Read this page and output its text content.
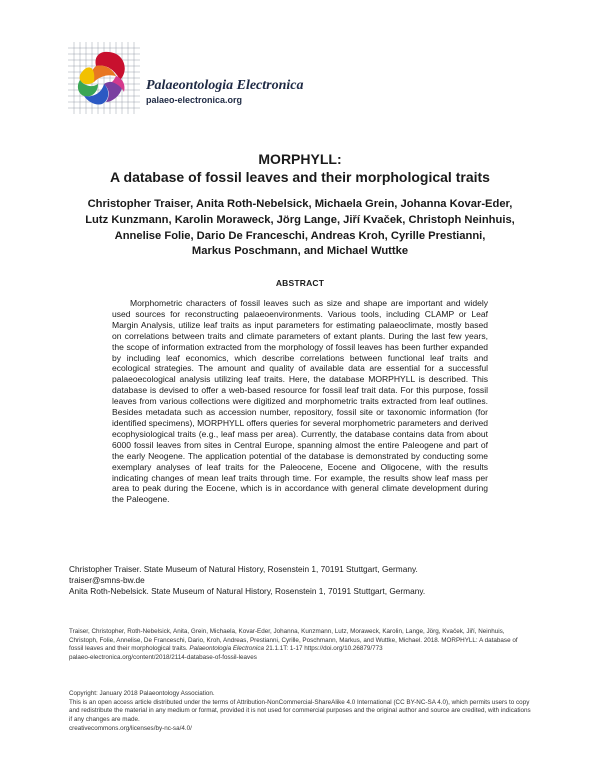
Palaeontologia Electronica
palaeo-electronica.org
MORPHYLL:
A database of fossil leaves and their morphological traits
Christopher Traiser, Anita Roth-Nebelsick, Michaela Grein, Johanna Kovar-Eder,
Lutz Kunzmann, Karolin Moraweck, Jörg Lange, Jiří Kvaček, Christoph Neinhuis,
Annelise Folie, Dario De Franceschi, Andreas Kroh, Cyrille Prestianni,
Markus Poschmann, and Michael Wuttke
ABSTRACT
Morphometric characters of fossil leaves such as size and shape are important and widely used sources for reconstructing palaeoenvironments. Various tools, including CLAMP or Leaf Margin Analysis, utilize leaf traits as input parameters for estimating palaeoclimate, mostly based on correlations between traits and climate parameters of extant plants. During the last few years, the scope of information extracted from the morphology of fossil leaves has been further expanded by including leaf economics, which describe correlations between functional leaf traits and ecological strategies. The amount and quality of available data are essential for a successful palaeoecological analysis utilizing leaf traits. Here, the database MORPHYLL is described. This database is devised to offer a web-based resource for fossil leaf trait data. For this purpose, fossil leaves from various collections were digitized and morphometric traits extracted from leaf outlines. Besides metadata such as accession number, repository, fossil site or taxonomic information (for identified specimens), MORPHYLL offers queries for several morphometric parameters and derived ecophysiological traits (e.g., leaf mass per area). Currently, the database contains data from about 6000 fossil leaves from sites in Central Europe, spanning almost the entire Paleogene and part of the early Neogene. The application potential of the database is demonstrated by conducting some exemplary analyses of leaf traits for the Paleocene, Eocene and Oligocene, with the results indicating changes of mean leaf traits through time. For example, the results show leaf mass per area to peak during the Eocene, which is in accordance with general climate development during the Paleogene.
Christopher Traiser. State Museum of Natural History, Rosenstein 1, 70191 Stuttgart, Germany.
traiser@smns-bw.de
Anita Roth-Nebelsick. State Museum of Natural History, Rosenstein 1, 70191 Stuttgart, Germany.
Traiser, Christopher, Roth-Nebelsick, Anita, Grein, Michaela, Kovar-Eder, Johanna, Kunzmann, Lutz, Moraweck, Karolin, Lange, Jörg, Kvaček, Jiří, Neinhuis, Christoph, Folie, Annelise, De Franceschi, Dario, Kroh, Andreas, Prestianni, Cyrille, Poschmann, Markus, and Wuttke, Michael. 2018. MORPHYLL: A database of fossil leaves and their morphological traits. Palaeontologia Electronica 21.1.1T: 1-17 https://doi.org/10.26879/773
palaeo-electronica.org/content/2018/2114-database-of-fossil-leaves
Copyright: January 2018 Palaeontology Association.
This is an open access article distributed under the terms of Attribution-NonCommercial-ShareAlike 4.0 International (CC BY-NC-SA 4.0), which permits users to copy and redistribute the material in any medium or format, provided it is not used for commercial purposes and the original author and source are credited, with indications if any changes are made.
creativecommons.org/licenses/by-nc-sa/4.0/
